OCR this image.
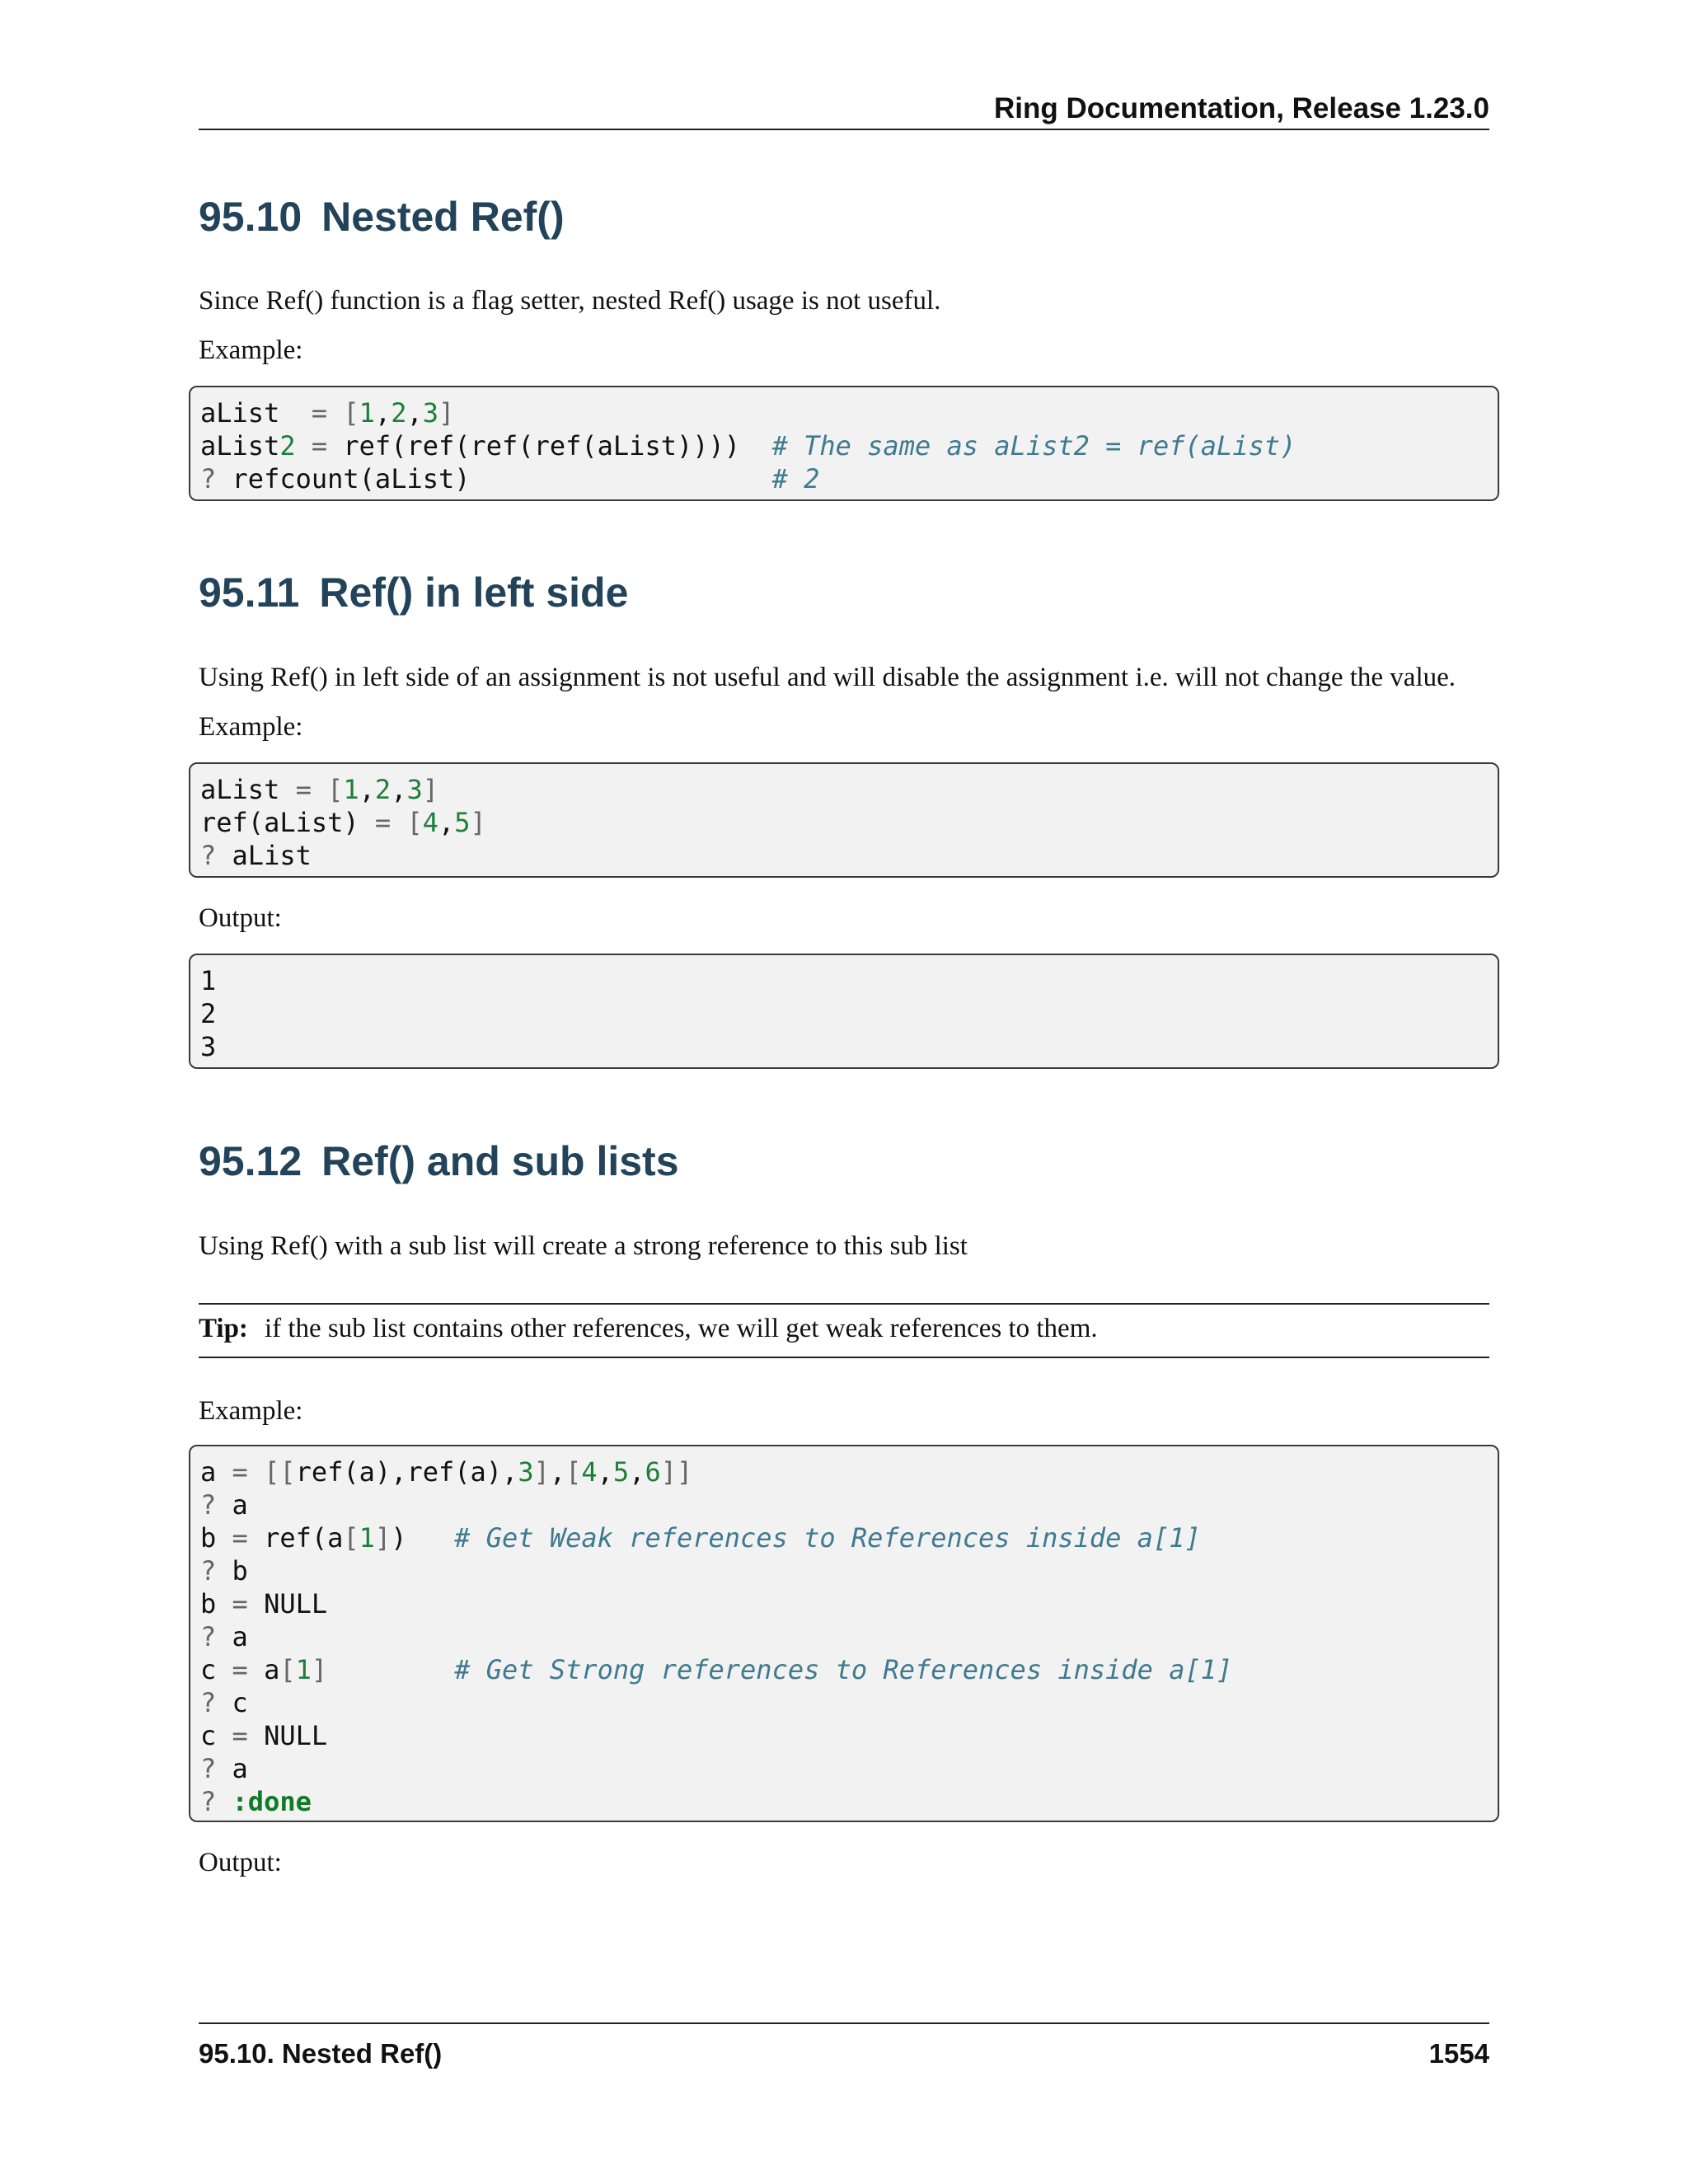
Ring Documentation, Release 1.23.0
95.10 Nested Ref()
Since Ref() function is a flag setter, nested Ref() usage is not useful.
Example:
aList  = [1,2,3]
aList2 = ref(ref(ref(ref(aList))))  # The same as aList2 = ref(aList)
? refcount(aList)                   # 2
95.11 Ref() in left side
Using Ref() in left side of an assignment is not useful and will disable the assignment i.e. will not change the value.
Example:
aList = [1,2,3]
ref(aList) = [4,5]
? aList
Output:
1
2
3
95.12 Ref() and sub lists
Using Ref() with a sub list will create a strong reference to this sub list
Tip: if the sub list contains other references, we will get weak references to them.
Example:
a = [[ref(a),ref(a),3],[4,5,6]]
? a
b = ref(a[1])   # Get Weak references to References inside a[1]
? b
b = NULL
? a
c = a[1]	# Get Strong references to References inside a[1]
? c
c = NULL
? a
? :done
Output:
95.10. Nested Ref()	1554
